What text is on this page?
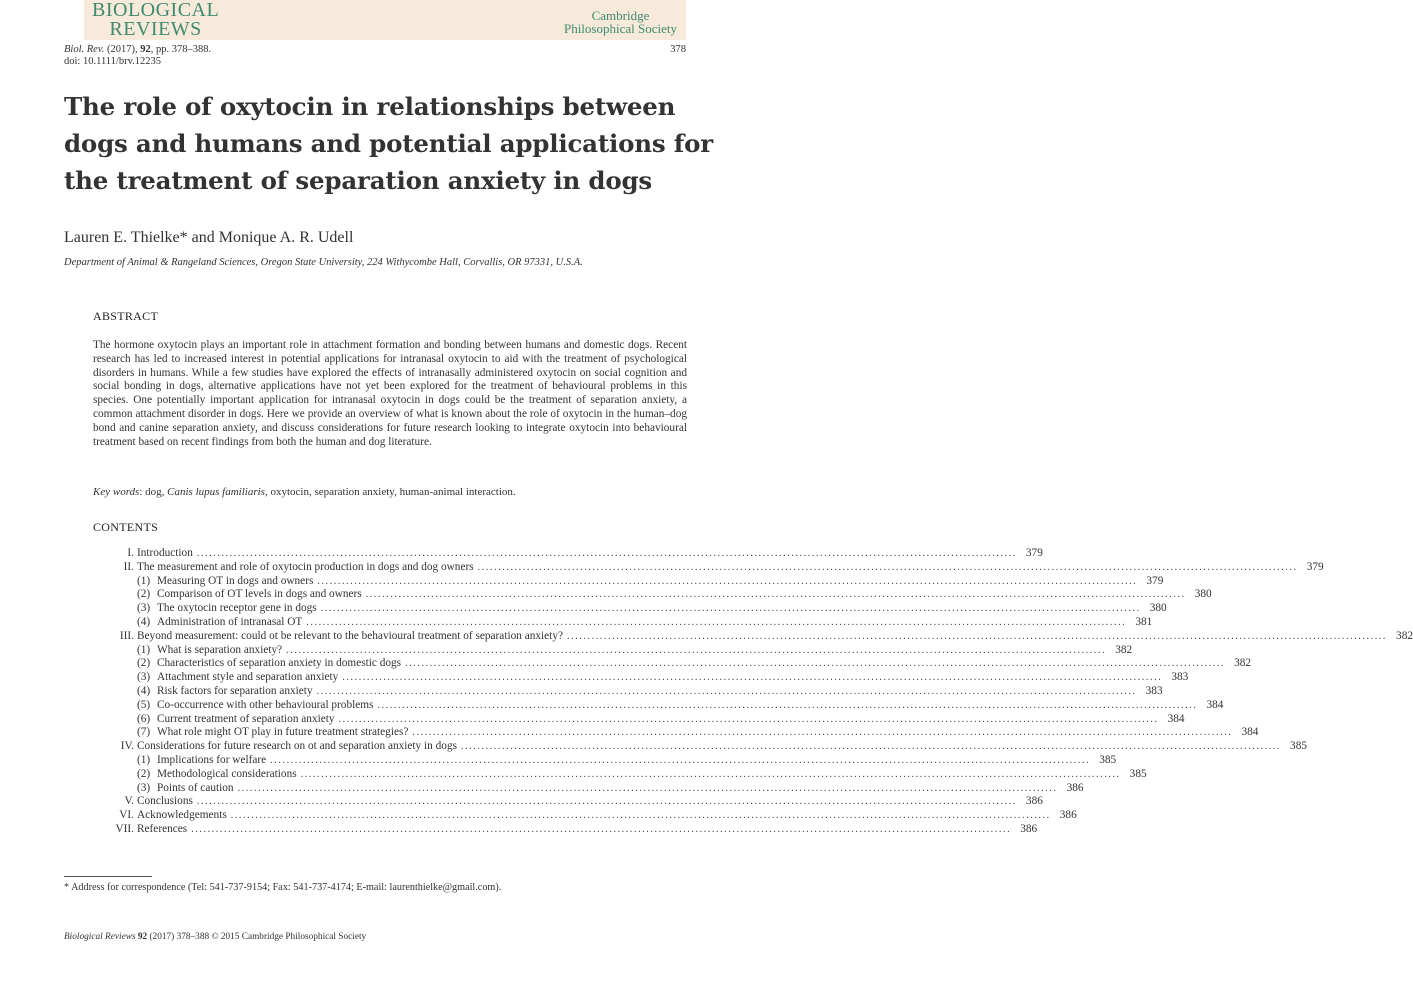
BIOLOGICAL
REVIEWS
Cambridge
Philosophical Society
Biol. Rev. (2017), 92, pp. 378–388.
doi: 10.1111/brv.12235
378
The role of oxytocin in relationships between dogs and humans and potential applications for the treatment of separation anxiety in dogs
Lauren E. Thielke* and Monique A. R. Udell
Department of Animal & Rangeland Sciences, Oregon State University, 224 Withycombe Hall, Corvallis, OR 97331, U.S.A.
ABSTRACT

The hormone oxytocin plays an important role in attachment formation and bonding between humans and domestic dogs. Recent research has led to increased interest in potential applications for intranasal oxytocin to aid with the treatment of psychological disorders in humans. While a few studies have explored the effects of intranasally administered oxytocin on social cognition and social bonding in dogs, alternative applications have not yet been explored for the treatment of behavioural problems in this species. One potentially important application for intranasal oxytocin in dogs could be the treatment of separation anxiety, a common attachment disorder in dogs. Here we provide an overview of what is known about the role of oxytocin in the human–dog bond and canine separation anxiety, and discuss considerations for future research looking to integrate oxytocin into behavioural treatment based on recent findings from both the human and dog literature.

Key words: dog, Canis lupus familiaris, oxytocin, separation anxiety, human-animal interaction.
CONTENTS
I. Introduction ........................................................................................................................................................................................................ 379
II. The measurement and role of oxytocin production in dogs and dog owners ........................................................................................................................................................................................................ 379
(1) Measuring OT in dogs and owners ........................................................................................................................................................................................................ 379
(2) Comparison of OT levels in dogs and owners ........................................................................................................................................................................................................ 380
(3) The oxytocin receptor gene in dogs ........................................................................................................................................................................................................ 380
(4) Administration of intranasal OT ........................................................................................................................................................................................................ 381
III. Beyond measurement: could ot be relevant to the behavioural treatment of separation anxiety? ........................................................................................................................................................................................................ 382
(1) What is separation anxiety? ........................................................................................................................................................................................................ 382
(2) Characteristics of separation anxiety in domestic dogs ........................................................................................................................................................................................................ 382
(3) Attachment style and separation anxiety ........................................................................................................................................................................................................ 383
(4) Risk factors for separation anxiety ........................................................................................................................................................................................................ 383
(5) Co-occurrence with other behavioural problems ........................................................................................................................................................................................................ 384
(6) Current treatment of separation anxiety ........................................................................................................................................................................................................ 384
(7) What role might OT play in future treatment strategies? ........................................................................................................................................................................................................ 384
IV. Considerations for future research on ot and separation anxiety in dogs ........................................................................................................................................................................................................ 385
(1) Implications for welfare ........................................................................................................................................................................................................ 385
(2) Methodological considerations ........................................................................................................................................................................................................ 385
(3) Points of caution ........................................................................................................................................................................................................ 386
V. Conclusions ........................................................................................................................................................................................................ 386
VI. Acknowledgements ........................................................................................................................................................................................................ 386
VII. References ........................................................................................................................................................................................................ 386
* Address for correspondence (Tel: 541-737-9154; Fax: 541-737-4174; E-mail: laurenthielke@gmail.com).
Biological Reviews 92 (2017) 378–388 © 2015 Cambridge Philosophical Society
